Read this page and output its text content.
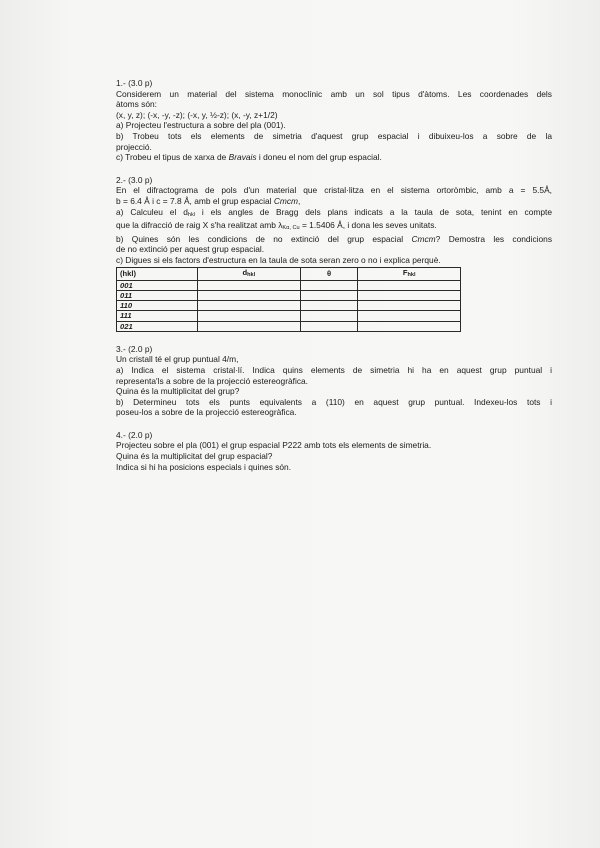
1.- (3.0 p)

Considerem un material del sistema monoclínic amb un sol tipus d'àtoms. Les coordenades dels

àtoms són:

(x, y, z); (-x, -y, -z); (-x, y, ½-z); (x, -y, z+1/2)

a) Projecteu l'estructura a sobre del pla (001).

b) Trobeu tots els elements de simetria d'aquest grup espacial i dibuixeu-los a sobre de la

projecció.

c) Trobeu el tipus de xarxa de Bravais i doneu el nom del grup espacial.

2.- (3.0 p)

En el difractograma de pols d'un material que cristal·litza en el sistema ortoròmbic, amb a = 5.5Å,

b = 6.4 Å i c = 7.8 Å, amb el grup espacial Cmcm,

a) Calculeu el $d_{hkl}$ i els angles de Bragg dels plans indicats a la taula de sota, tenint en compte

que la difracció de raig X s'ha realitzat amb $\lambda_{K\alpha, Cu} = 1.5406$ Å, i dona les seves unitats.

b) Quines són les condicions de no extinció del grup espacial Cmcm? Demostra les condicions

de no extinció per aquest grup espacial.

c) Digues si els factors d'estructura en la taula de sota seran zero o no i explica perquè.

(hkl)	$d_{hkl}$	θ	$F_{hkl}$
001			
011			
110			
111			
021			

3.- (2.0 p)

Un cristall té el grup puntual 4/m,

a) Indica el sistema cristal·lí. Indica quins elements de simetria hi ha en aquest grup puntual i

representa'ls a sobre de la projecció estereogràfica.

Quina és la multiplicitat del grup?

b) Determineu tots els punts equivalents a (110) en aquest grup puntual. Indexeu-los tots i

poseu-los a sobre de la projecció estereogràfica.

4.- (2.0 p)

Projecteu sobre el pla (001) el grup espacial P222 amb tots els elements de simetria.

Quina és la multiplicitat del grup espacial?

Indica si hi ha posicions especials i quines són.
